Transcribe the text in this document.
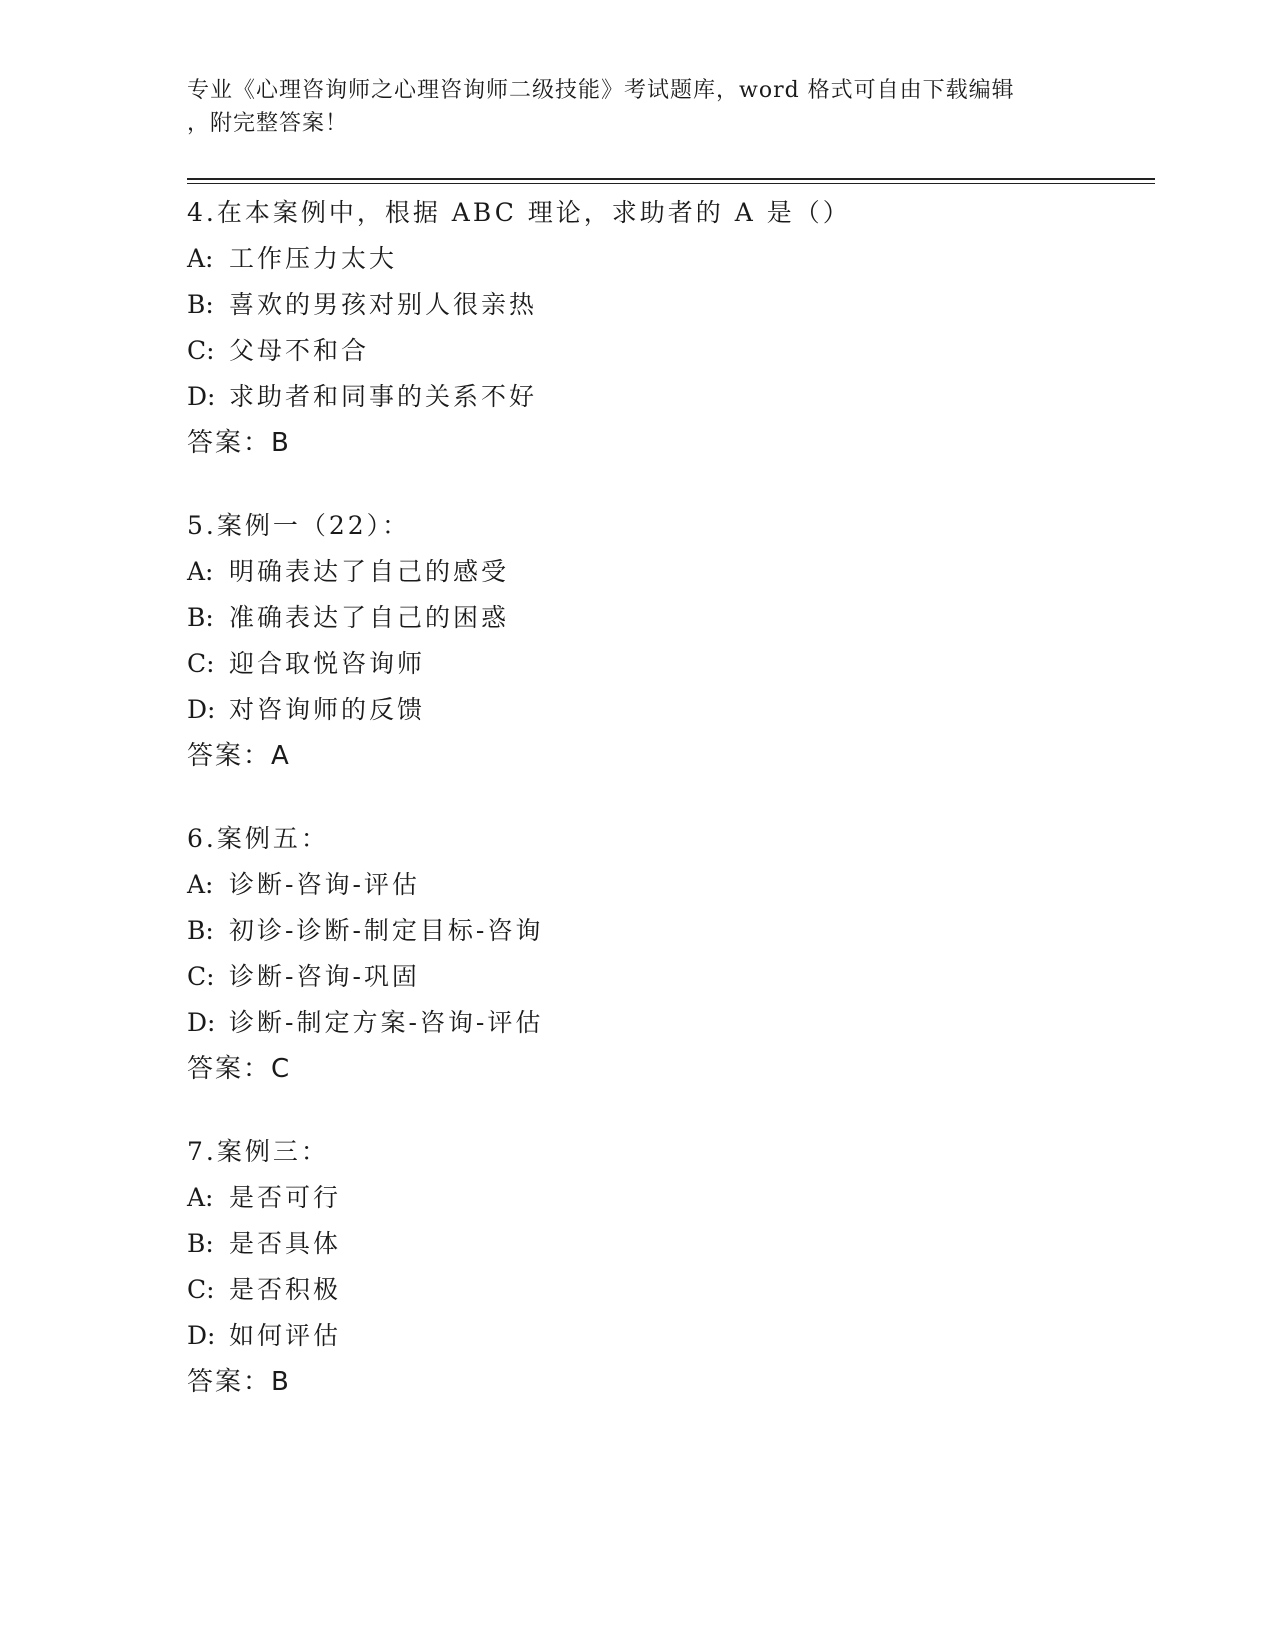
专业《心理咨询师之心理咨询师二级技能》考试题库，word 格式可自由下载编辑
，附完整答案！
4.在本案例中，根据 ABC 理论，求助者的 A 是（）
A: 工作压力太大
B: 喜欢的男孩对别人很亲热
C: 父母不和合
D: 求助者和同事的关系不好
答案：B
5.案例一（22）：
A: 明确表达了自己的感受
B: 准确表达了自己的困惑
C: 迎合取悦咨询师
D: 对咨询师的反馈
答案：A
6.案例五：
A: 诊断-咨询-评估
B: 初诊-诊断-制定目标-咨询
C: 诊断-咨询-巩固
D: 诊断-制定方案-咨询-评估
答案：C
7.案例三：
A: 是否可行
B: 是否具体
C: 是否积极
D: 如何评估
答案：B
